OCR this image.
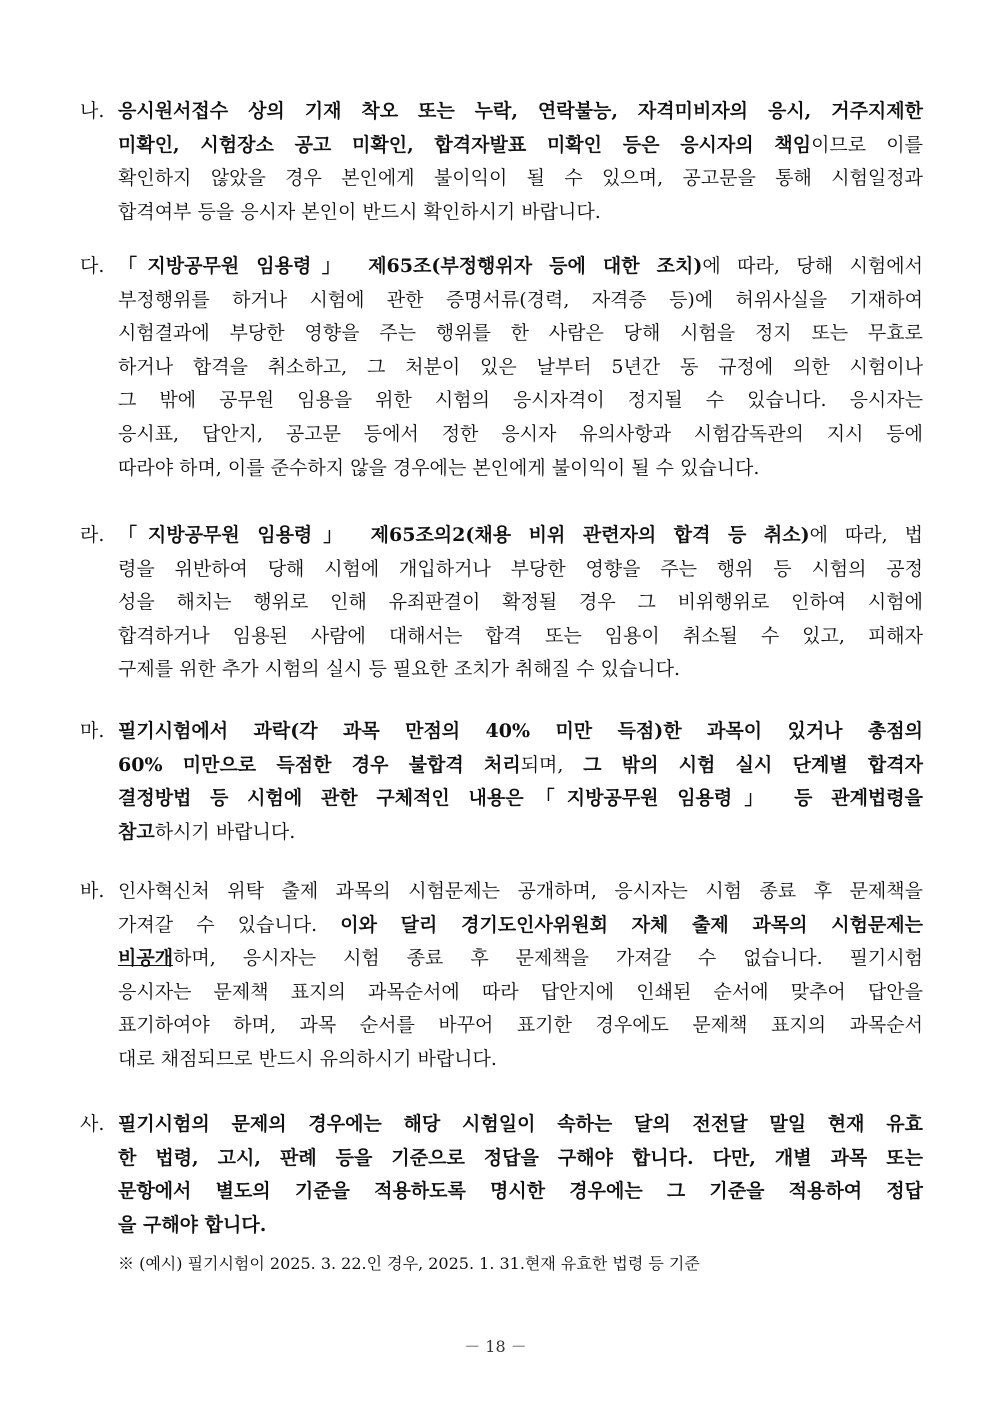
나. 응시원서접수 상의 기재 착오 또는 누락, 연락불능, 자격미비자의 응시, 거주지제한
미확인, 시험장소 공고 미확인, 합격자발표 미확인 등은 응시자의 책임이므로 이를
확인하지 않았을 경우 본인에게 불이익이 될 수 있으며, 공고문을 통해 시험일정과
합격여부 등을 응시자 본인이 반드시 확인하시기 바랍니다.
다. 「지방공무원 임용령」 제65조(부정행위자 등에 대한 조치)에 따라, 당해 시험에서
부정행위를 하거나 시험에 관한 증명서류(경력, 자격증 등)에 허위사실을 기재하여
시험결과에 부당한 영향을 주는 행위를 한 사람은 당해 시험을 정지 또는 무효로
하거나 합격을 취소하고, 그 처분이 있은 날부터 5년간 동 규정에 의한 시험이나
그 밖에 공무원 임용을 위한 시험의 응시자격이 정지될 수 있습니다. 응시자는
응시표, 답안지, 공고문 등에서 정한 응시자 유의사항과 시험감독관의 지시 등에
따라야 하며, 이를 준수하지 않을 경우에는 본인에게 불이익이 될 수 있습니다.
라. 「지방공무원 임용령」 제65조의2(채용 비위 관련자의 합격 등 취소)에 따라, 법
령을 위반하여 당해 시험에 개입하거나 부당한 영향을 주는 행위 등 시험의 공정
성을 해치는 행위로 인해 유죄판결이 확정될 경우 그 비위행위로 인하여 시험에
합격하거나 임용된 사람에 대해서는 합격 또는 임용이 취소될 수 있고, 피해자
구제를 위한 추가 시험의 실시 등 필요한 조치가 취해질 수 있습니다.
마. 필기시험에서 과락(각 과목 만점의 40% 미만 득점)한 과목이 있거나 총점의
60% 미만으로 득점한 경우 불합격 처리되며, 그 밖의 시험 실시 단계별 합격자
결정방법 등 시험에 관한 구체적인 내용은「지방공무원 임용령」 등 관계법령을
참고하시기 바랍니다.
바. 인사혁신처 위탁 출제 과목의 시험문제는 공개하며, 응시자는 시험 종료 후 문제책을
가져갈 수 있습니다. 이와 달리 경기도인사위원회 자체 출제 과목의 시험문제는
비공개하며, 응시자는 시험 종료 후 문제책을 가져갈 수 없습니다. 필기시험
응시자는 문제책 표지의 과목순서에 따라 답안지에 인쇄된 순서에 맞추어 답안을
표기하여야 하며, 과목 순서를 바꾸어 표기한 경우에도 문제책 표지의 과목순서
대로 채점되므로 반드시 유의하시기 바랍니다.
사. 필기시험의 문제의 경우에는 해당 시험일이 속하는 달의 전전달 말일 현재 유효
한 법령, 고시, 판례 등을 기준으로 정답을 구해야 합니다. 다만, 개별 과목 또는
문항에서 별도의 기준을 적용하도록 명시한 경우에는 그 기준을 적용하여 정답
을 구해야 합니다.
※ (예시) 필기시험이 2025. 3. 22.인 경우, 2025. 1. 31.현재 유효한 법령 등 기준
－ 18 －
